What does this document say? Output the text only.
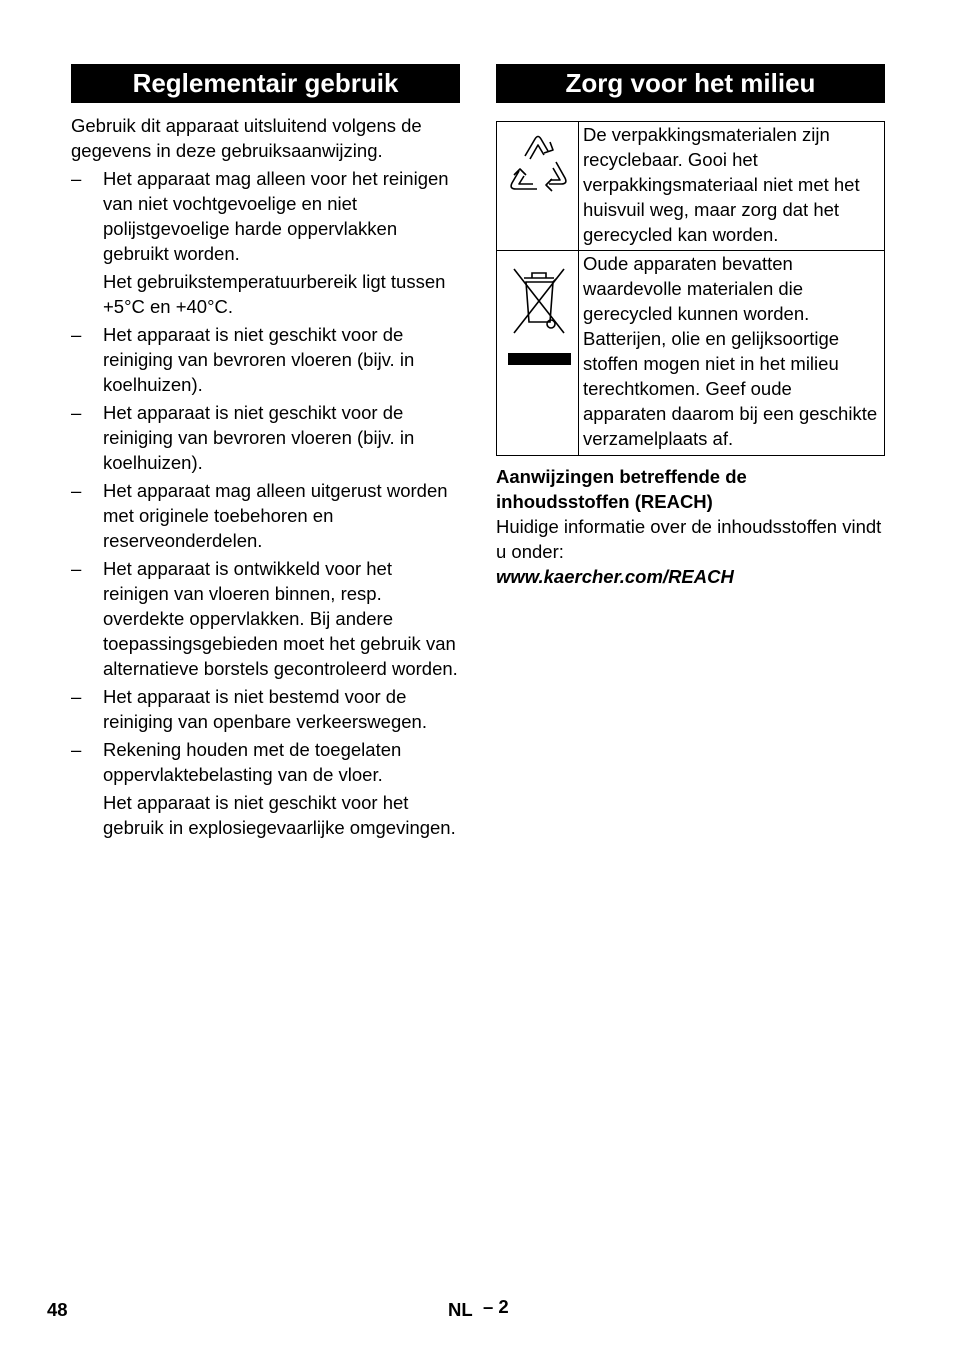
Reglementair gebruik
Gebruik dit apparaat uitsluitend volgens de gegevens in deze gebruiksaanwijzing.
– Het apparaat mag alleen voor het reinigen van niet vochtgevoelige en niet polijstgevoelige harde oppervlakken gebruikt worden.
Het gebruikstemperatuurbereik ligt tussen +5°C en +40°C.
– Het apparaat is niet geschikt voor de reiniging van bevroren vloeren (bijv. in koelhuizen).
– Het apparaat is niet geschikt voor de reiniging van bevroren vloeren (bijv. in koelhuizen).
– Het apparaat mag alleen uitgerust worden met originele toebehoren en reserveonderdelen.
– Het apparaat is ontwikkeld voor het reinigen van vloeren binnen, resp. overdekte oppervlakken. Bij andere toepassingsgebieden moet het gebruik van alternatieve borstels gecontroleerd worden.
– Het apparaat is niet bestemd voor de reiniging van openbare verkeerswegen.
– Rekening houden met de toegelaten oppervlaktebelasting van de vloer.
Het apparaat is niet geschikt voor het gebruik in explosiegevaarlijke omgevingen.
Zorg voor het milieu
	De verpakkingsmaterialen zijn recyclebaar. Gooi het verpakkingsmateriaal niet met het huisvuil weg, maar zorg dat het gerecycled kan worden.

	Oude apparaten bevatten waardevolle materialen die gerecycled kunnen worden. Batterijen, olie en gelijksoortige stoffen mogen niet in het milieu terechtkomen. Geef oude apparaten daarom bij een geschikte verzamelplaats af.
Aanwijzingen betreffende de inhoudsstoffen (REACH)
Huidige informatie over de inhoudsstoffen vindt u onder:
www.kaercher.com/REACH
48	NL – 2
